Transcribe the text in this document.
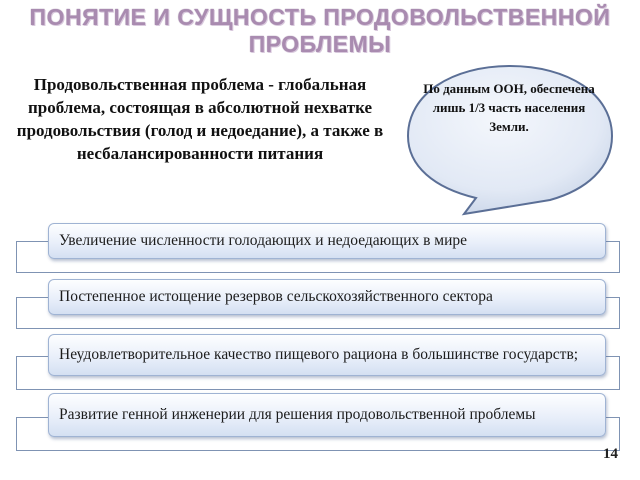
ПОНЯТИЕ И СУЩНОСТЬ ПРОДОВОЛЬСТВЕННОЙ ПРОБЛЕМЫ
Продовольственная проблема - глобальная проблема, состоящая в абсолютной нехватке продовольствия (голод и недоедание), а также в несбалансированности питания
По данным ООН, обеспечена лишь 1/3 часть населения Земли.
Увеличение численности голодающих и недоедающих в мире
Постепенное истощение резервов сельскохозяйственного сектора
Неудовлетворительное качество пищевого рациона в большинстве государств;
Развитие генной инженерии для решения продовольственной проблемы
14
